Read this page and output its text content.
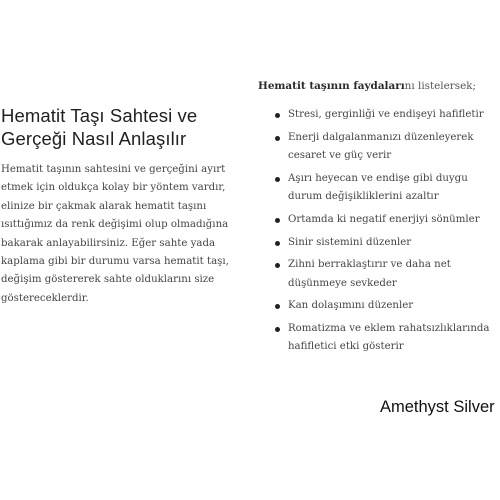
Hematit Taşı Sahtesi ve
Gerçeği Nasıl Anlaşılır

Hematit taşının sahtesini ve gerçeğini ayırt
etmek için oldukça kolay bir yöntem vardır,
elinize bir çakmak alarak hematit taşını
ısıttığımız da renk değişimi olup olmadığına
bakarak anlayabilirsiniz. Eğer sahte yada
kaplama gibi bir durumu varsa hematit taşı,
değişim göstererek sahte olduklarını size
göstereceklerdir.

Hematit taşının faydalarını listelersek;

Stresi, gerginliği ve endişeyi hafifletir
Enerji dalgalanmanızı düzenleyerek
cesaret ve güç verir
Aşırı heyecan ve endişe gibi duygu
durum değişikliklerini azaltır
Ortamda ki negatif enerjiyi sönümler
Sinir sistemini düzenler
Zihni berraklaştırır ve daha net
düşünmeye sevkeder
Kan dolaşımını düzenler
Romatizma ve eklem rahatsızlıklarında
hafifletici etki gösterir
Amethyst Silver
